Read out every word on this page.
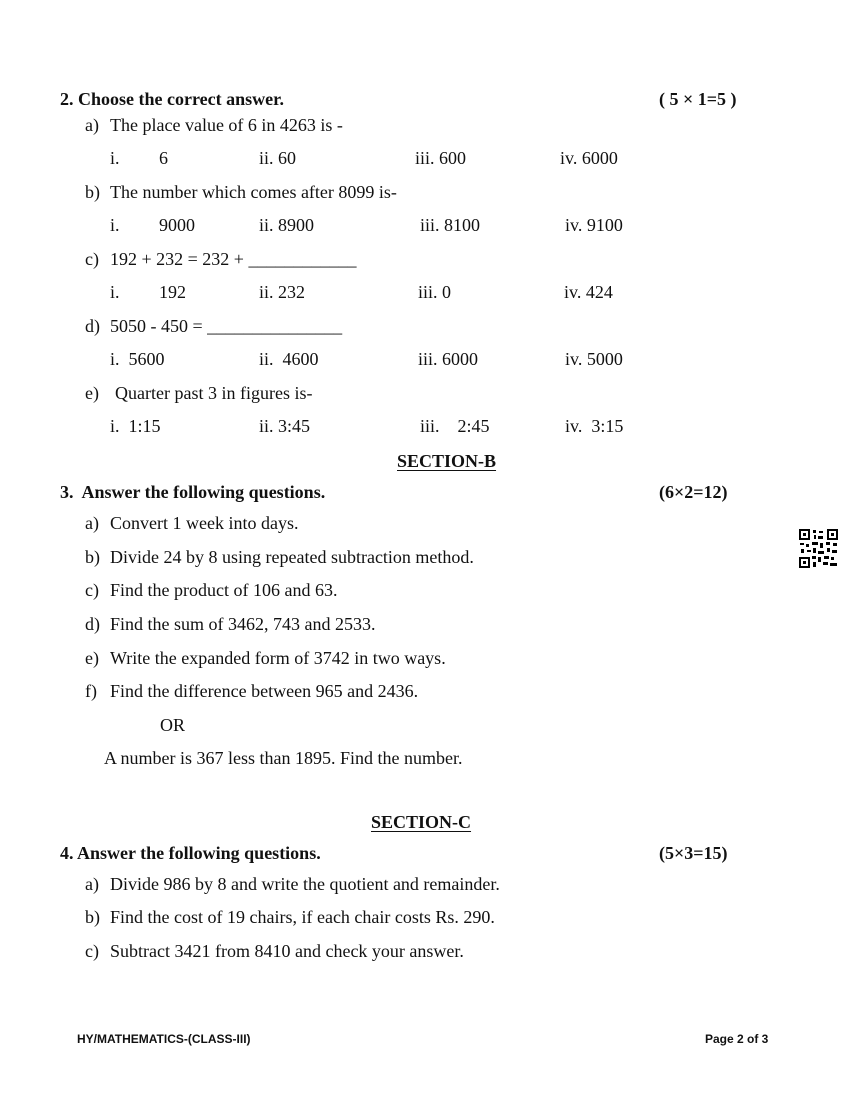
2. Choose the correct answer.	( 5 × 1=5 )
a) The place value of 6 in 4263 is -
i. 6	ii. 60	iii. 600	iv. 6000
b) The number which comes after 8099 is-
i. 9000	ii. 8900	iii. 8100	iv. 9100
c) 192 + 232 = 232 + ____________
i. 192	ii. 232	iii. 0	iv. 424
d) 5050 - 450 = _______________
i.  5600	ii.  4600	iii. 6000	iv. 5000
e) Quarter past 3 in figures is-
i.  1:15	ii. 3:45	iii.    2:45	iv.  3:15
SECTION-B
3.  Answer the following questions.	(6×2=12)
a) Convert 1 week into days.
b) Divide 24 by 8 using repeated subtraction method.
c) Find the product of 106 and 63.
d) Find the sum of 3462, 743 and 2533.
e) Write the expanded form of 3742 in two ways.
f) Find the difference between 965 and 2436.
OR
A number is 367 less than 1895. Find the number.
SECTION-C
4. Answer the following questions.	(5×3=15)
a) Divide 986 by 8 and write the quotient and remainder.
b) Find the cost of 19 chairs, if each chair costs Rs. 290.
c) Subtract 3421 from 8410 and check your answer.
HY/MATHEMATICS-(CLASS-III)	Page 2 of 3
